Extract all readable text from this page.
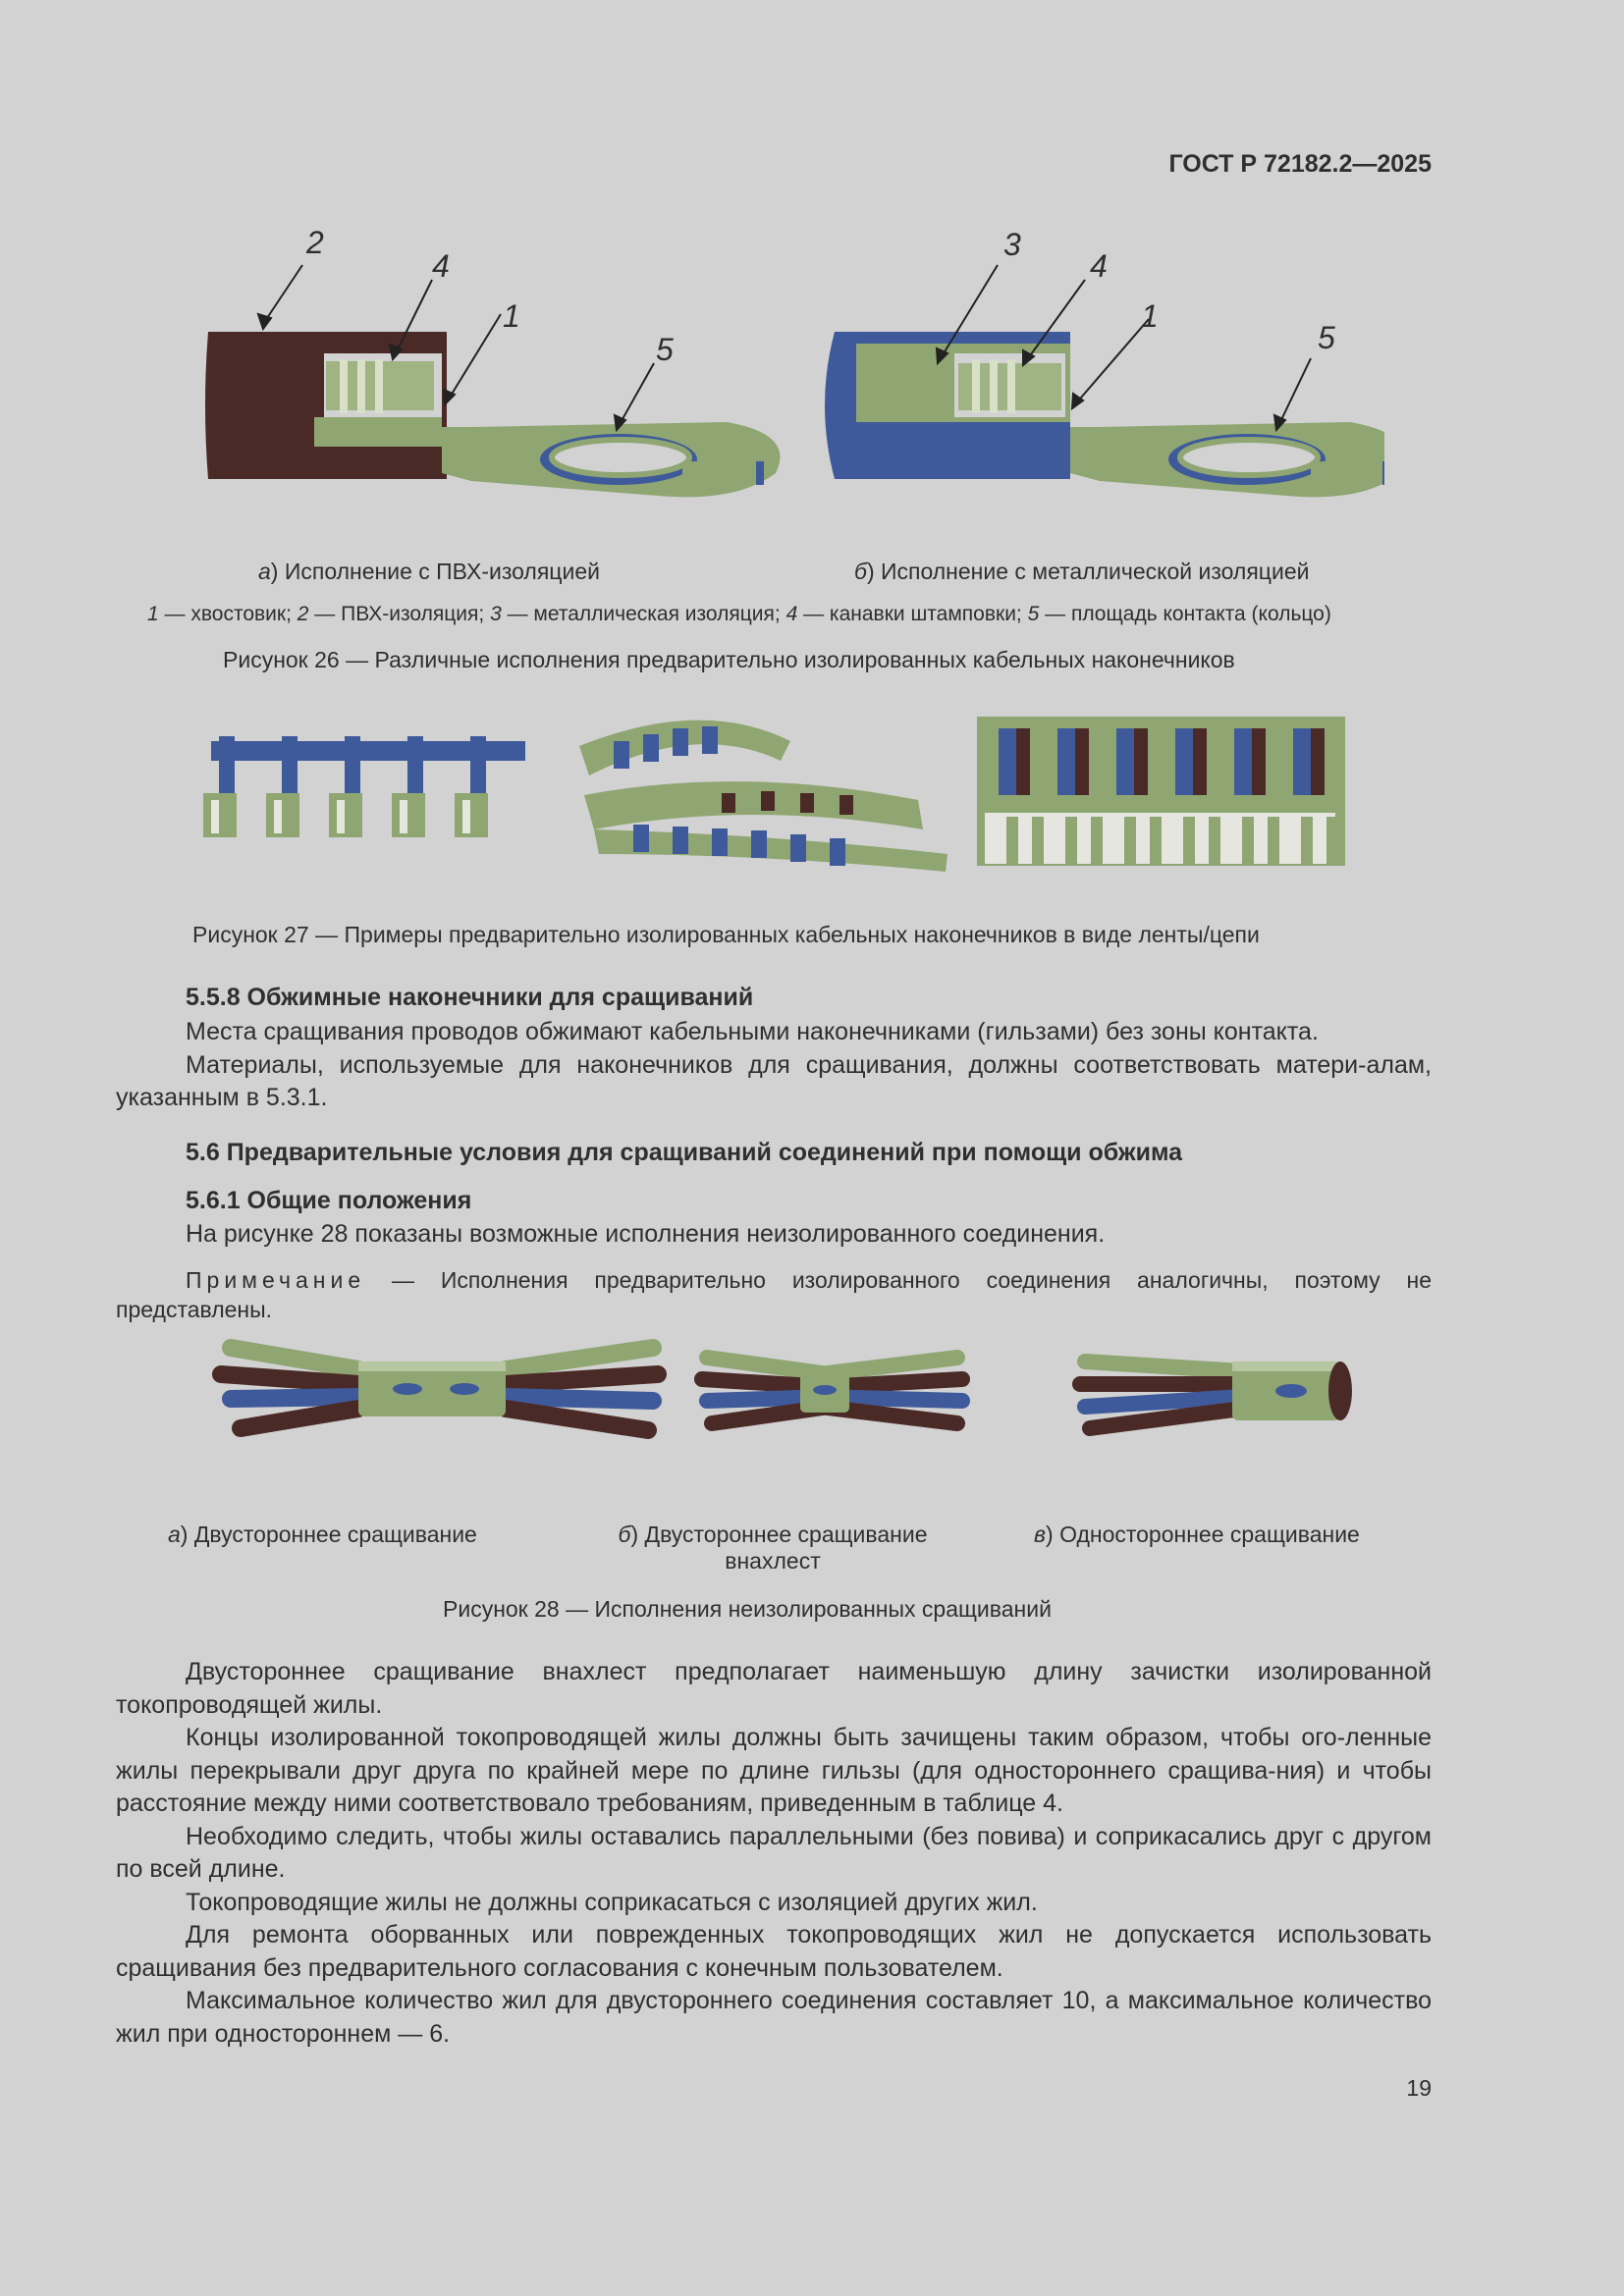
ГОСТ Р 72182.2—2025
2
4
1
5
3
4
1
5
а) Исполнение с ПВХ-изоляцией	б) Исполнение с металлической изоляцией
1 — хвостовик; 2 — ПВХ-изоляция; 3 — металлическая изоляция; 4 — канавки штамповки; 5 — площадь контакта (кольцо)
Рисунок 26 — Различные исполнения предварительно изолированных кабельных наконечников
Рисунок 27 — Примеры предварительно изолированных кабельных наконечников в виде ленты/цепи
5.5.8 Обжимные наконечники для сращиваний

Места сращивания проводов обжимают кабельными наконечниками (гильзами) без зоны контакта.

Материалы, используемые для наконечников для сращивания, должны соответствовать матери-алам, указанным в 5.3.1.

5.6 Предварительные условия для сращиваний соединений при помощи обжима
5.6.1 Общие положения
На рисунке 28 показаны возможные исполнения неизолированного соединения.
Примечание — Исполнения предварительно изолированного соединения аналогичны, поэтому не представлены.
а) Двустороннее сращивание	б) Двустороннее сращивание
внахлест
в) Одностороннее сращивание
Рисунок 28 — Исполнения неизолированных сращиваний

Двустороннее сращивание внахлест предполагает наименьшую длину зачистки изолированной токопроводящей жилы.

Концы изолированной токопроводящей жилы должны быть зачищены таким образом, чтобы ого-ленные жилы перекрывали друг друга по крайней мере по длине гильзы (для одностороннего сращива-ния) и чтобы расстояние между ними соответствовало требованиям, приведенным в таблице 4.

Необходимо следить, чтобы жилы оставались параллельными (без повива) и соприкасались друг с другом по всей длине.

Токопроводящие жилы не должны соприкасаться с изоляцией других жил.

Для ремонта оборванных или поврежденных токопроводящих жил не допускается использовать сращивания без предварительного согласования с конечным пользователем.

Максимальное количество жил для двустороннего соединения составляет 10, а максимальное количество жил при одностороннем — 6.

19
